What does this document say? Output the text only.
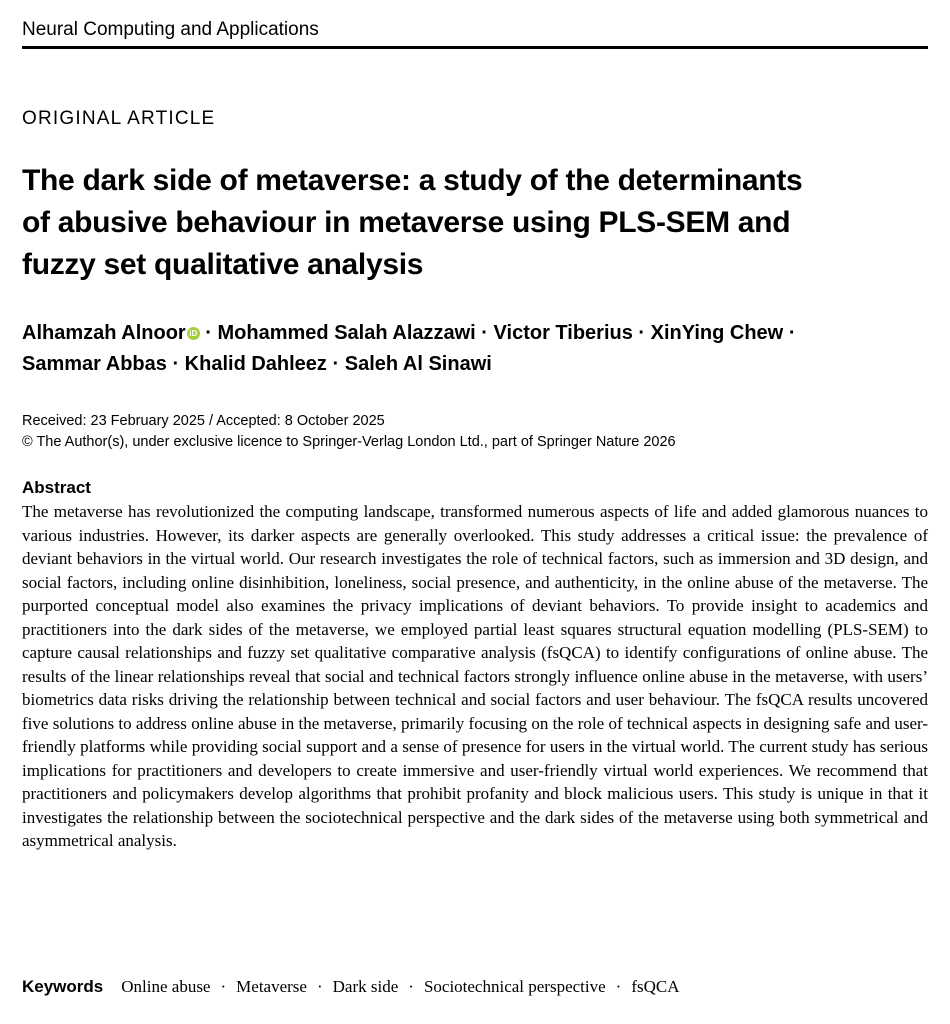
Neural Computing and Applications
ORIGINAL ARTICLE
The dark side of metaverse: a study of the determinants
of abusive behaviour in metaverse using PLS-SEM and
fuzzy set qualitative analysis
Alhamzah Alnoor iD · Mohammed Salah Alazzawi · Victor Tiberius · XinYing Chew ·
Sammar Abbas · Khalid Dahleez · Saleh Al Sinawi
Received: 23 February 2025 / Accepted: 8 October 2025
© The Author(s), under exclusive licence to Springer-Verlag London Ltd., part of Springer Nature 2026
Abstract

The metaverse has revolutionized the computing landscape, transformed numerous aspects of life and added glamorous nuances to various industries. However, its darker aspects are generally overlooked. This study addresses a critical issue: the prevalence of deviant behaviors in the virtual world. Our research investigates the role of technical factors, such as immersion and 3D design, and social factors, including online disinhibition, loneliness, social presence, and authenticity, in the online abuse of the metaverse. The purported conceptual model also examines the privacy implications of deviant behaviors. To provide insight to academics and practitioners into the dark sides of the metaverse, we employed partial least squares structural equation modelling (PLS-SEM) to capture causal relationships and fuzzy set qualitative comparative analysis (fsQCA) to identify configurations of online abuse. The results of the linear relationships reveal that social and technical factors strongly influence online abuse in the metaverse, with users’ biometrics data risks driving the relationship between technical and social factors and user behaviour. The fsQCA results uncovered five solutions to address online abuse in the metaverse, primarily focusing on the role of technical aspects in designing safe and user-friendly platforms while providing social support and a sense of presence for users in the virtual world. The current study has serious implications for practitioners and developers to create immersive and user-friendly virtual world experiences. We recommend that practitioners and policymakers develop algorithms that prohibit profanity and block malicious users. This study is unique in that it investigates the relationship between the sociotechnical perspective and the dark sides of the metaverse using both symmetrical and asymmetrical analysis.

Keywords Online abuse · Metaverse · Dark side · Sociotechnical perspective · fsQCA
